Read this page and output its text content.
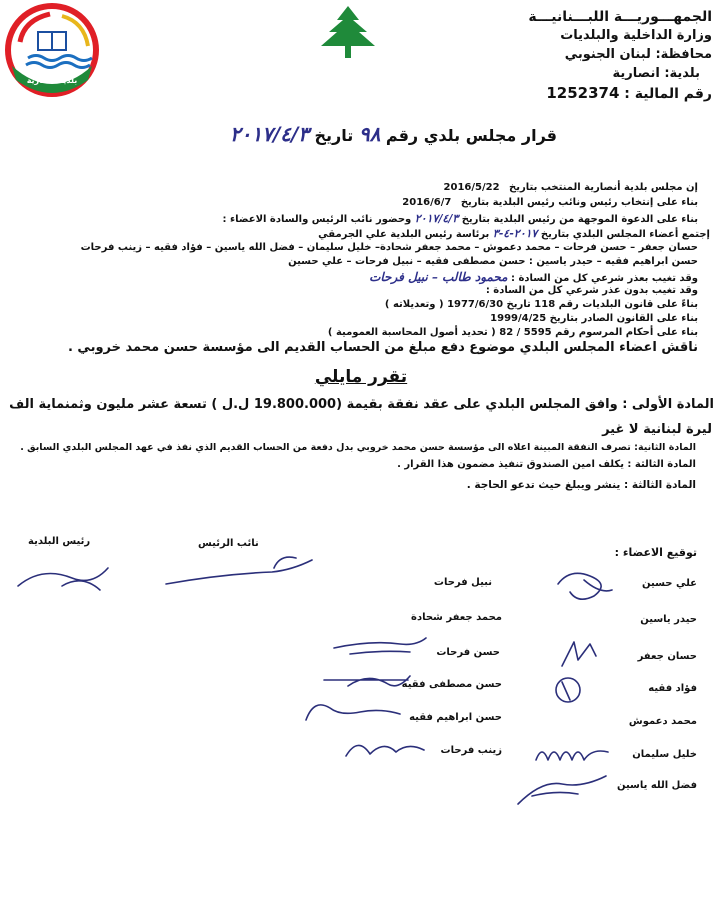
بلدية أنصارية
الجمهـــوريـــة اللبـــنانيـــة
وزارة الداخلية والبلديات
محافظة: لبنان الجنوبي
بلدية: انصارية
رقم المالية : 1252374
قرار مجلس بلدي رقم ٩٨ تاريخ ٢٠١٧/٤/٣
إن مجلس بلدية أنصارية المنتخب بتاريخ 2016/5/22
بناء على إنتخاب رئيس ونائب رئيس البلدية بتاريخ 2016/6/7
بناء على الدعوة الموجهة من رئيس البلدية بتاريخ ٢٠١٧/٤/٣ وحضور نائب الرئيس والسادة الاعضاء :
إجتمع أعضاء المجلس البلدي بتاريخ ٢٠١٧-٤-٣ برئاسة رئيس البلدية علي الجرمقي
حسان جعفر – حسن فرحات – محمد دعموش – محمد جعفر شحادة– خليل سليمان – فضل الله ياسين – فؤاد فقيه – زينب فرحات
حسن ابراهيم فقيه – حيدر ياسين : حسن مصطفى فقيه – نبيل فرحات – علي حسين
وقد تغيب بعذر شرعي كل من السادة : محمود طالب – نبيل فرحات
وقد تغيب بدون عذر شرعي كل من السادة :
بناءً على قانون البلديات رقم 118 تاريخ 1977/6/30 ( وتعديلاته )
بناء على القانون الصادر بتاريخ 1999/4/25
بناء على أحكام المرسوم رقم 5595 / 82 ( تحديد أصول المحاسبة العمومية )
ناقش اعضاء المجلس البلدي موضوع دفع مبلغ من الحساب القديم الى مؤسسة حسن محمد خروبي .
تقرر مايلي
المادة الأولى : وافق المجلس البلدي على عقد نفقة بقيمة (19.800.000 ل.ل ) تسعة عشر مليون وثمنماية الف
ليرة لبنانية لا غير
المادة الثانية: تصرف النفقة المبينة اعلاه الى مؤسسة حسن محمد خروبي بدل دفعة من الحساب القديم الذي نفذ في عهد المجلس البلدي السابق .
المادة الثالثة : يكلف امين الصندوق تنفيذ مضمون هذا القرار .
المادة الثالثة : ينشر ويبلغ حيث تدعو الحاجة .
رئيس البلدية	نائب الرئيس
توقيع الاعضاء :
نبيل فرحات
محمد جعفر شحادة
حسن فرحات
حسن مصطفى فقيه
حسن ابراهيم فقيه
زينب فرحات
علي حسين
حيدر ياسين
حسان جعفر
فؤاد فقيه
محمد دعموش
خليل سليمان
فضل الله ياسين
